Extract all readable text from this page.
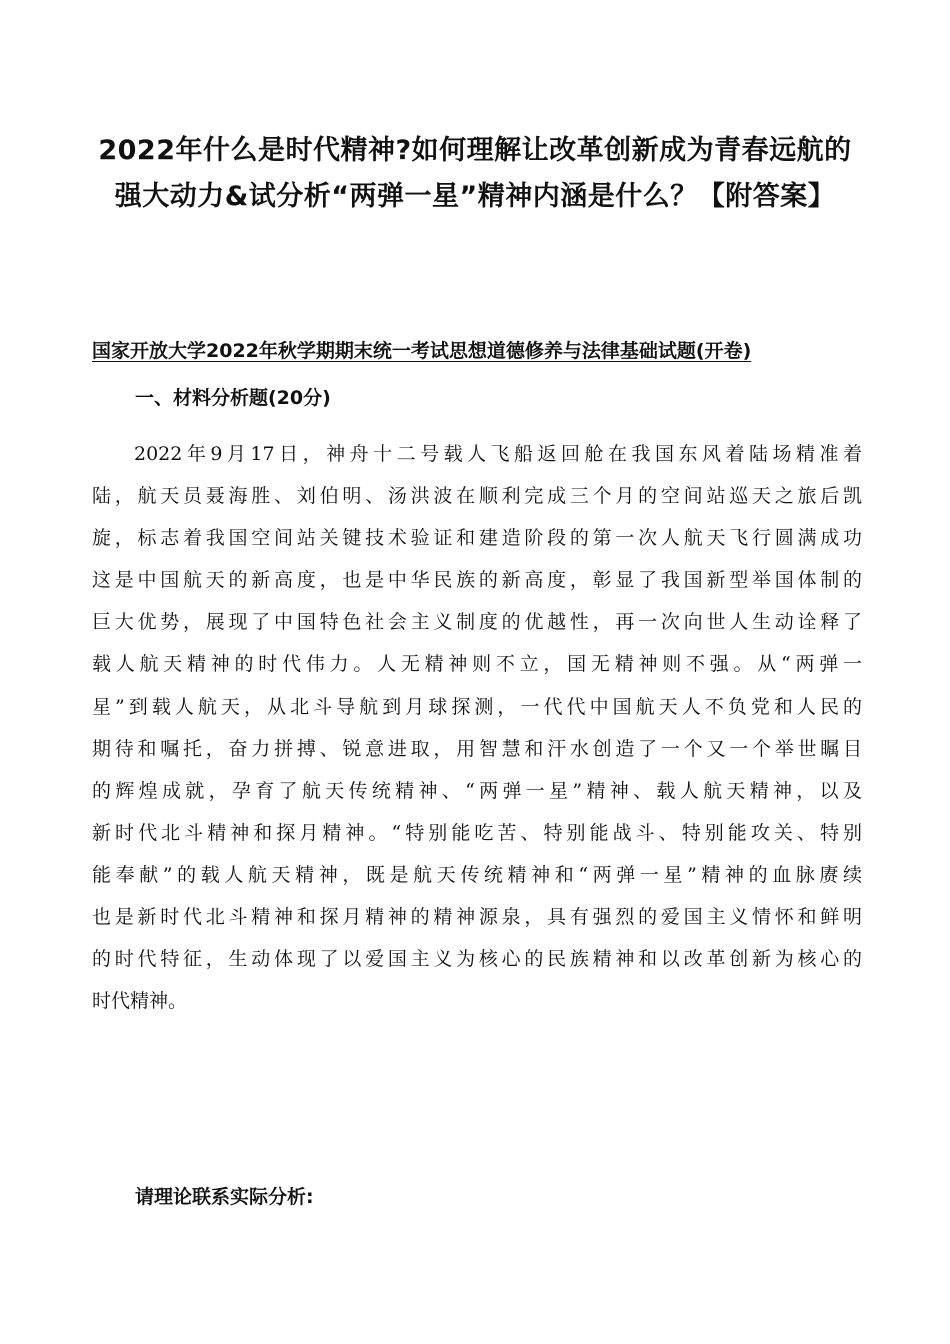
2022年什么是时代精神?如何理解让改革创新成为青春远航的
强大动力&试分析“两弹一星”精神内涵是什么？【附答案】
国家开放大学2022年秋学期期末统一考试思想道德修养与法律基础试题(开卷)
一、材料分析题(20分)

2022年9月17日，神舟十二号载人飞船返回舱在我国东风着陆场精准着
陆，航天员聂海胜、刘伯明、汤洪波在顺利完成三个月的空间站巡天之旅后凯
旋，标志着我国空间站关键技术验证和建造阶段的第一次人航天飞行圆满成功
这是中国航天的新高度，也是中华民族的新高度，彰显了我国新型举国体制的
巨大优势，展现了中国特色社会主义制度的优越性，再一次向世人生动诠释了
载人航天精神的时代伟力。人无精神则不立，国无精神则不强。从“两弹一
星”到载人航天，从北斗导航到月球探测，一代代中国航天人不负党和人民的
期待和嘱托，奋力拼搏、锐意进取，用智慧和汗水创造了一个又一个举世瞩目
的辉煌成就，孕育了航天传统精神、“两弹一星”精神、载人航天精神，以及
新时代北斗精神和探月精神。“特别能吃苦、特别能战斗、特别能攻关、特别
能奉献”的载人航天精神，既是航天传统精神和“两弹一星”精神的血脉赓续
也是新时代北斗精神和探月精神的精神源泉，具有强烈的爱国主义情怀和鲜明
的时代特征，生动体现了以爱国主义为核心的民族精神和以改革创新为核心的
时代精神。

请理论联系实际分析:
